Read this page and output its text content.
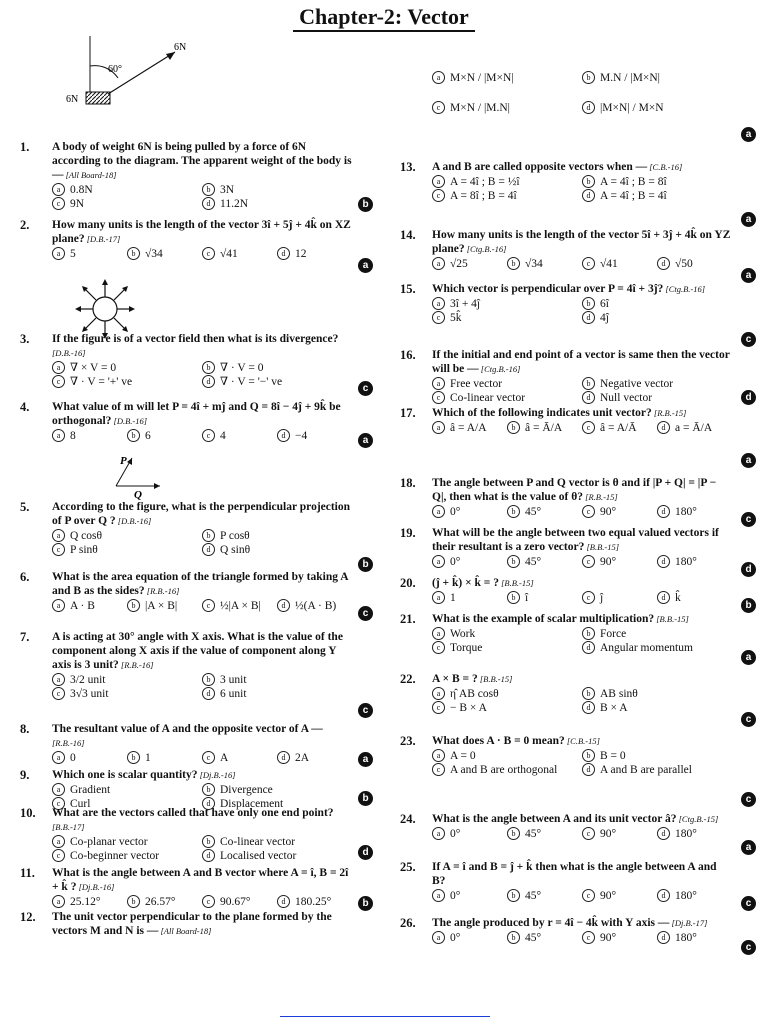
Chapter-2: Vector
60°
6N
6N
P
Q
1. A body of weight 6N is being pulled by a force of 6N according to the diagram. The apparent weight of the body is — [All Board-18]
a 0.8N	b 3N
c 9N	d 11.2N	b
2. How many units is the length of the vector 3î + 5ĵ + 4k̂ on XZ plane? [D.B.-17]
a 5	b √34	c √41	d 12
a
3. If the figure is of a vector field then what is its divergence? [D.B.-16]
a ∇ × V = 0	b ∇ · V = 0
c ∇ · V = '+' ve	d ∇ · V = '−' ve
c
4. What value of m will let P = 4î + mĵ and Q = 8î − 4ĵ + 9k̂ be orthogonal? [D.B.-16]
a 8	b 6	c 4	d −4	a
5. According to the figure, what is the perpendicular projection of P over Q ? [D.B.-16]
a Q cosθ	b P cosθ
c P sinθ	d Q sinθ
b
6. What is the area equation of the triangle formed by taking A and B as the sides? [R.B.-16]
a A · B	b |A × B|	c ½|A × B|	d ½(A · B)
c
7. A is acting at 30° angle with X axis. What is the value of the component along X axis if the value of component along Y axis is 3 unit? [R.B.-16]
a 3/2 unit	b 3 unit
c 3√3 unit	d 6 unit
c
8. The resultant value of A and the opposite vector of A — [R.B.-16]
a 0	b 1	c A	d 2A	a
9. Which one is scalar quantity? [Dj.B.-16]
a Gradient	b Divergence
c Curl	d Displacement	b
10. What are the vectors called that have only one end point? [B.B.-17]
a Co-planar vector	b Co-linear vector
c Co-beginner vector	d Localised vector	d
11. What is the angle between A and B vector where A = î, B = 2î + k̂ ? [Dj.B.-16]
a 25.12°	b 26.57°	c 90.67°	d 180.25°	b
12.
a M×N / |M×N|	b M.N / |M×N|
c M×N / |M.N|	d |M×N| / M×N
The unit vector perpendicular to the plane formed by the vectors M and N is — [All Board-18]
a
13. A and B are called opposite vectors when — [C.B.-16]
a A = 4î ; B = ½î	b A = 4î ; B = 8î
c A = 8î ; B = 4î	d A = 4î ; B = 4î
a
14. How many units is the length of the vector 5î + 3ĵ + 4k̂ on YZ plane? [Ctg.B.-16]
a √25	b √34	c √41	d √50
a
15. Which vector is perpendicular over P = 4î + 3ĵ? [Ctg.B.-16]
a 3î + 4ĵ	b 6î
c 5k̂	d 4ĵ
c
16. If the initial and end point of a vector is same then the vector will be — [Ctg.B.-16]
a Free vector	b Negative vector
c Co-linear vector	d Null vector	d
17. Which of the following indicates unit vector? [R.B.-15]
a â = A/A	b â = Ā/A	c â = A/Ā	d a = Ā/A
a
18. The angle between P and Q vector is θ and if |P + Q| = |P − Q|, then what is the value of θ? [R.B.-15]
a 0°	b 45°	c 90°	d 180°
c
19. What will be the angle between two equal valued vectors if their resultant is a zero vector? [B.B.-15]
a 0°	b 45°	c 90°	d 180°
d
20. (ĵ + k̂) × k̂ = ? [B.B.-15]
a 1	b î	c ĵ	d k̂
b
21. What is the example of scalar multiplication? [B.B.-15]
a Work	b Force
c Torque	d Angular momentum
a
22. A × B = ? [B.B.-15]
a η̂ AB cosθ	b AB sinθ
c − B × A	d B × A
c
23. What does A · B = 0 mean? [C.B.-15]
a A = 0	b B = 0
c A and B are orthogonal	d A and B are parallel
c
24. What is the angle between A and its unit vector â? [Ctg.B.-15]
a 0°	b 45°	c 90°	d 180°
a
25. If A = î and B = ĵ + k̂ then what is the angle between A and B?
a 0°	b 45°	c 90°	d 180°
c
26. The angle produced by r = 4î − 4k̂ with Y axis — [Dj.B.-17]
a 0°	b 45°	c 90°	d 180°
c
